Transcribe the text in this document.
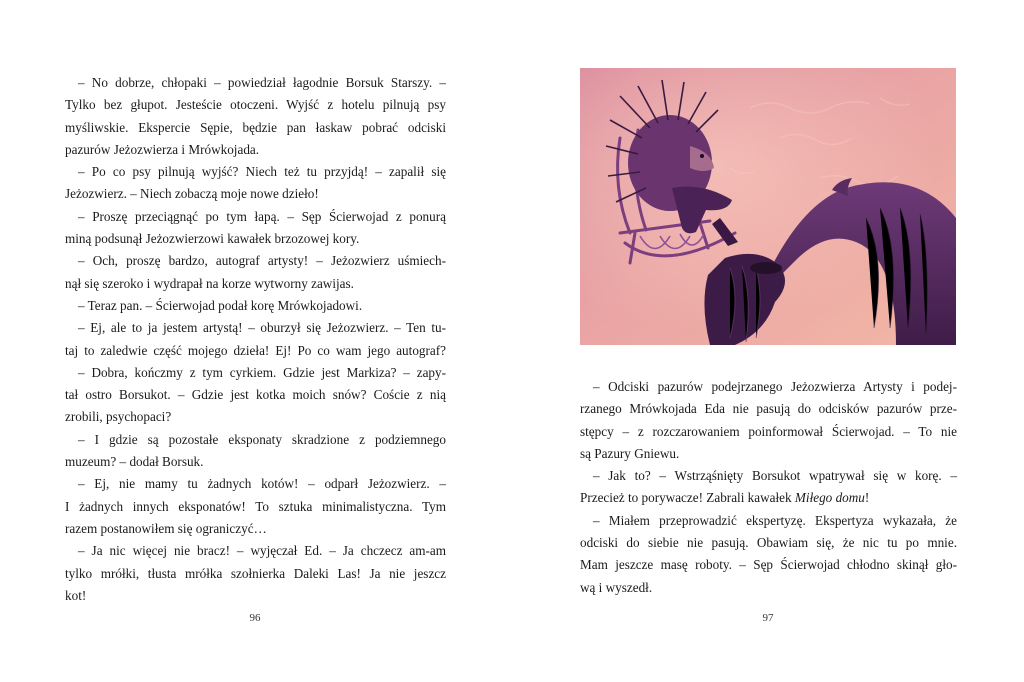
– No dobrze, chłopaki – powiedział łagodnie Borsuk Starszy. –
Tylko bez głupot. Jesteście otoczeni. Wyjść z hotelu pilnują psy
myśliwskie. Ekspercie Sępie, będzie pan łaskaw pobrać odciski
pazurów Jeżozwierza i Mrówkojada.
– Po co psy pilnują wyjść? Niech też tu przyjdą! – zapalił się
Jeżozwierz. – Niech zobaczą moje nowe dzieło!
– Proszę przeciągnąć po tym łapą. – Sęp Ścierwojad z ponurą
miną podsunął Jeżozwierzowi kawałek brzozowej kory.
– Och, proszę bardzo, autograf artysty! – Jeżozwierz uśmiech-
nął się szeroko i wydrapał na korze wytworny zawijas.
– Teraz pan. – Ścierwojad podał korę Mrówkojadowi.
– Ej, ale to ja jestem artystą! – oburzył się Jeżozwierz. – Ten tu-
taj to zaledwie część mojego dzieła! Ej! Po co wam jego autograf?
– Dobra, kończmy z tym cyrkiem. Gdzie jest Markiza? – zapy-
tał ostro Borsukot. – Gdzie jest kotka moich snów? Coście z nią
zrobili, psychopaci?
– I gdzie są pozostałe eksponaty skradzione z podziemnego
muzeum? – dodał Borsuk.
– Ej, nie mamy tu żadnych kotów! – odparł Jeżozwierz. –
I żadnych innych eksponatów! To sztuka minimalistyczna. Tym
razem postanowiłem się ograniczyć…
– Ja nic więcej nie bracz! – wyjęczał Ed. – Ja chczecz am-am
tylko mrółki, tłusta mrółka szołnierka Daleki Las! Ja nie jeszcz
kot!
96
– Odciski pazurów podejrzanego Jeżozwierza Artysty i podej-
rzanego Mrówkojada Eda nie pasują do odcisków pazurów prze-
stępcy – z rozczarowaniem poinformował Ścierwojad. – To nie
są Pazury Gniewu.
– Jak to? – Wstrząśnięty Borsukot wpatrywał się w korę. –
Przecież to porywacze! Zabrali kawałek Miłego domu!
– Miałem przeprowadzić ekspertyzę. Ekspertyza wykazała, że
odciski do siebie nie pasują. Obawiam się, że nic tu po mnie.
Mam jeszcze masę roboty. – Sęp Ścierwojad chłodno skinął gło-
wą i wyszedł.
97
